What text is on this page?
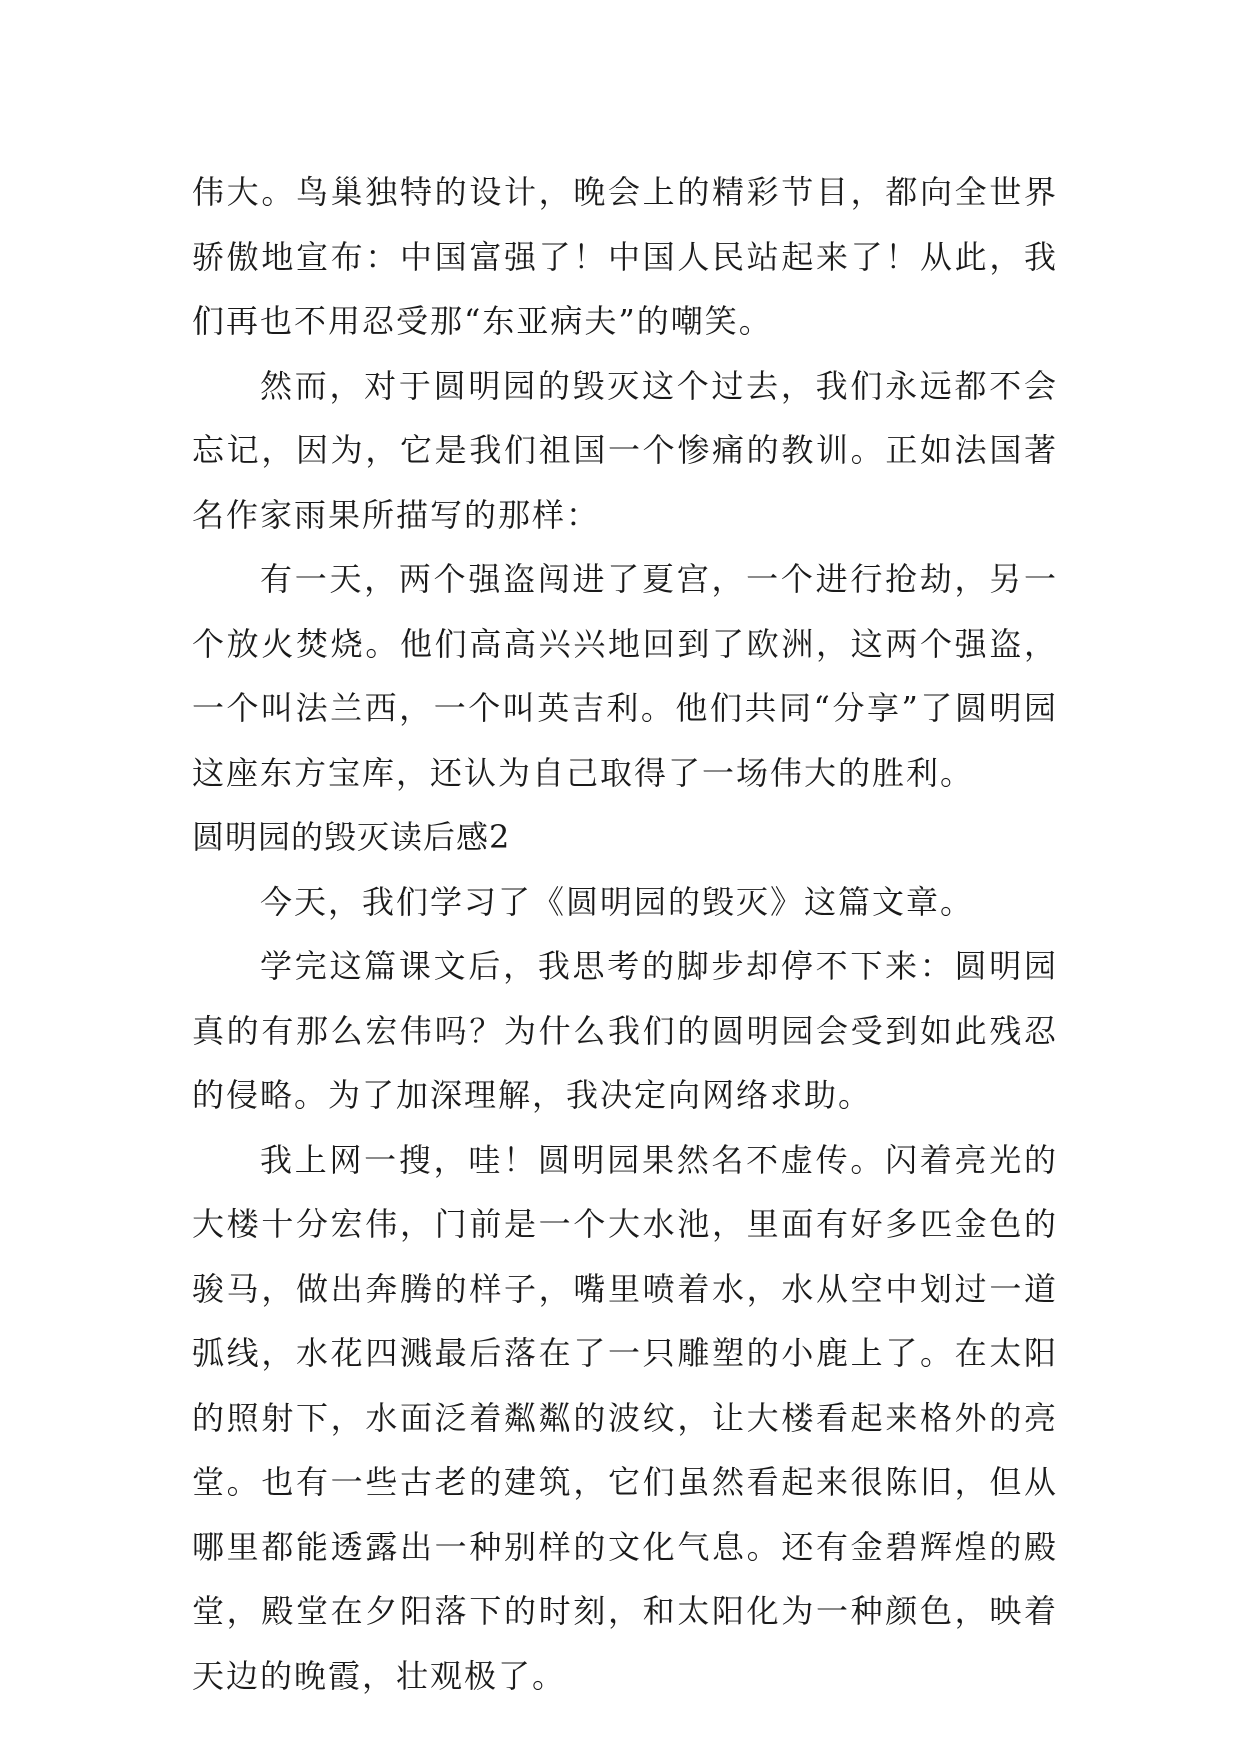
伟大。鸟巢独特的设计，晚会上的精彩节目，都向全世界骄傲地宣布：中国富强了！中国人民站起来了！从此，我们再也不用忍受那“东亚病夫”的嘲笑。

然而，对于圆明园的毁灭这个过去，我们永远都不会忘记，因为，它是我们祖国一个惨痛的教训。正如法国著名作家雨果所描写的那样：

有一天，两个强盗闯进了夏宫，一个进行抢劫，另一个放火焚烧。他们高高兴兴地回到了欧洲，这两个强盗，一个叫法兰西，一个叫英吉利。他们共同“分享”了圆明园这座东方宝库，还认为自己取得了一场伟大的胜利。

圆明园的毁灭读后感2

今天，我们学习了《圆明园的毁灭》这篇文章。

学完这篇课文后，我思考的脚步却停不下来：圆明园真的有那么宏伟吗？为什么我们的圆明园会受到如此残忍的侵略。为了加深理解，我决定向网络求助。

我上网一搜，哇！圆明园果然名不虚传。闪着亮光的大楼十分宏伟，门前是一个大水池，里面有好多匹金色的骏马，做出奔腾的样子，嘴里喷着水，水从空中划过一道弧线，水花四溅最后落在了一只雕塑的小鹿上了。在太阳的照射下，水面泛着粼粼的波纹，让大楼看起来格外的亮堂。也有一些古老的建筑，它们虽然看起来很陈旧，但从哪里都能透露出一种别样的文化气息。还有金碧辉煌的殿堂，殿堂在夕阳落下的时刻，和太阳化为一种颜色，映着天边的晚霞，壮观极了。
